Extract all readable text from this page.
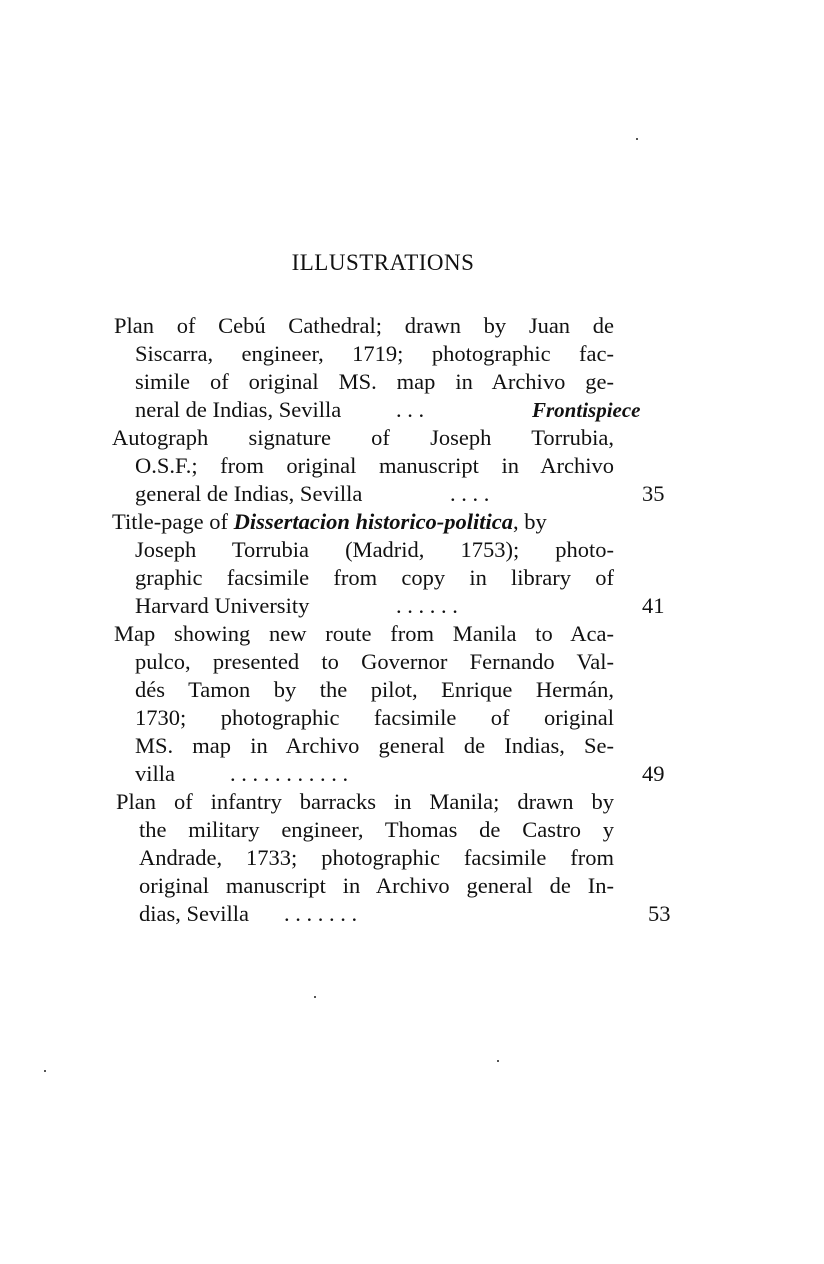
ILLUSTRATIONS
Plan of Cebú Cathedral; drawn by Juan de
Siscarra, engineer, 1719; photographic fac-
simile of original MS. map in Archivo ge-
neral de Indias, Sevilla . . .	Frontispiece
Autograph signature of Joseph Torrubia,
O.S.F.; from original manuscript in Archivo
general de Indias, Sevilla	. . . .	35
Title-page of Dissertacion historico-politica, by
Joseph Torrubia (Madrid, 1753); photo-
graphic facsimile from copy in library of
Harvard University	. . . . . .	41
Map showing new route from Manila to Aca-
pulco, presented to Governor Fernando Val-
dés Tamon by the pilot, Enrique Hermán,
1730; photographic facsimile of original
MS. map in Archivo general de Indias, Se-
villa . . . . . . . . . . .	49
Plan of infantry barracks in Manila; drawn by
the military engineer, Thomas de Castro y
Andrade, 1733; photographic facsimile from
original manuscript in Archivo general de In-
dias, Sevilla . . . . . . .	53
